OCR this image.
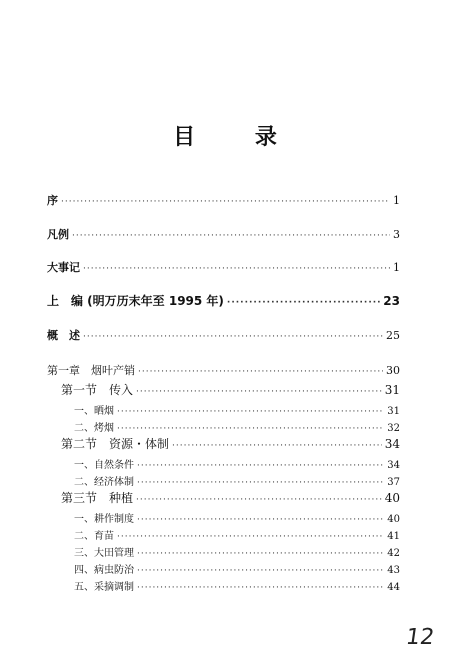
目 录
序 ·····	1
凡例 ·····	3
大事记 ·····	1
上　编 (明万历末年至 1995 年) ·····	23
概　述 ·····	25
第一章　烟叶产销 ·····	30
第一节　传入 ·····	31
一、晒烟 ·····	31
二、烤烟 ·····	32
第二节　资源・体制 ·····	34
一、自然条件 ·····	34
二、经济体制 ·····	37
第三节　种植 ·····	40
一、耕作制度 ·····	40
二、育苗 ·····	41
三、大田管理 ·····	42
四、病虫防治 ·····	43
五、采摘调制 ·····	44
12
